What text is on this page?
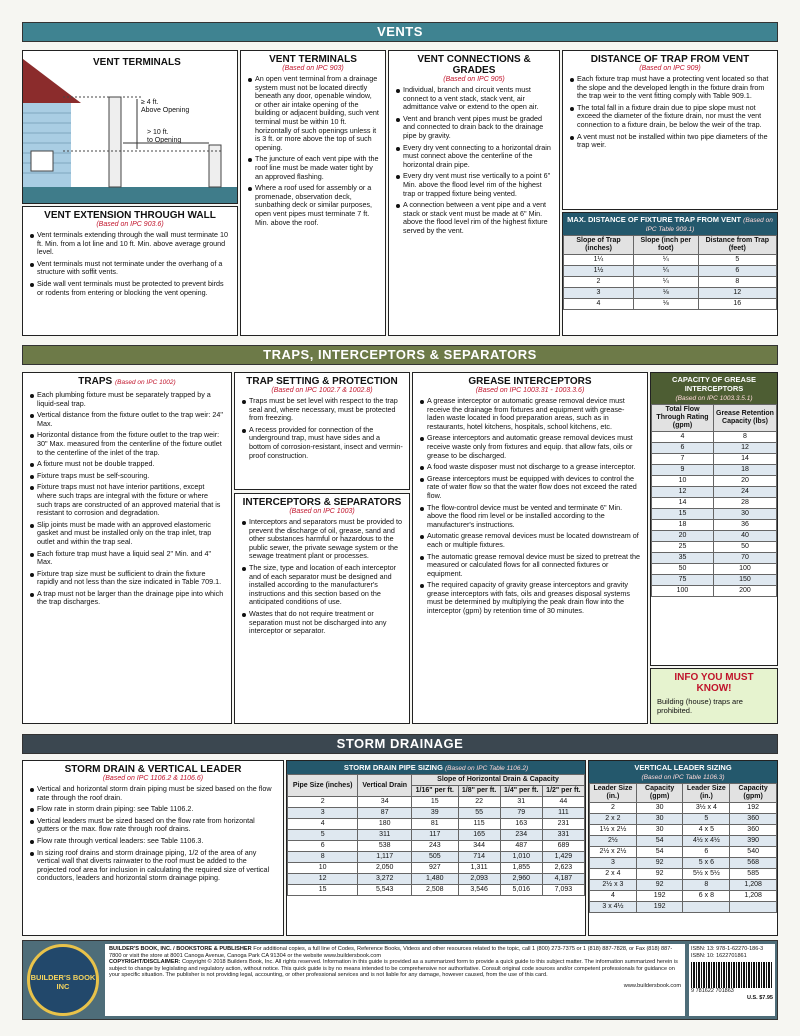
VENTS
VENT TERMINALS
≥ 4 ft.
Above Opening
> 10 ft.
to Opening
VENT EXTENSION THROUGH WALL
(Based on IPC 903.6)
Vent terminals extending through the wall must terminate 10 ft. Min. from a lot line and 10 ft. Min. above average ground level.
Vent terminals must not terminate under the overhang of a structure with soffit vents.
Side wall vent terminals must be protected to prevent birds or rodents from entering or blocking the vent opening.
VENT TERMINALS
(Based on IPC 903)
An open vent terminal from a drainage system must not be located directly beneath any door, openable window, or other air intake opening of the building or adjacent building, such vent terminal must be within 10 ft. horizontally of such openings unless it is 3 ft. or more above the top of such opening.
The juncture of each vent pipe with the roof line must be made water tight by an approved flashing.
Where a roof used for assembly or a promenade, observation deck, sunbathing deck or similar purposes, open vent pipes must terminate 7 ft. Min. above the roof.
VENT CONNECTIONS & GRADES
(Based on IPC 905)
Individual, branch and circuit vents must connect to a vent stack, stack vent, air admittance valve or extend to the open air.
Vent and branch vent pipes must be graded and connected to drain back to the drainage pipe by gravity.
Every dry vent connecting to a horizontal drain must connect above the centerline of the horizontal drain pipe.
Every dry vent must rise vertically to a point 6" Min. above the flood level rim of the highest trap or trapped fixture being vented.
A connection between a vent pipe and a vent stack or stack vent must be made at 6" Min. above the flood level rim of the highest fixture served by the vent.
DISTANCE OF TRAP FROM VENT
(Based on IPC 909)
Each fixture trap must have a protecting vent located so that the slope and the developed length in the fixture drain from the trap weir to the vent fitting comply with Table 909.1.
The total fall in a fixture drain due to pipe slope must not exceed the diameter of the fixture drain, nor must the vent connection to a fixture drain, be below the weir of the trap.
A vent must not be installed within two pipe diameters of the trap weir.
MAX. DISTANCE OF FIXTURE TRAP FROM VENT (Based on IPC Table 909.1)
Slope of Trap (inches)	Slope (inch per foot)	Distance from Trap (feet)
1¼	¼	5
1½	¼	6
2	¼	8
3	⅛	12
4	⅛	16
TRAPS, INTERCEPTORS & SEPARATORS
TRAPS (Based on IPC 1002)
Each plumbing fixture must be separately trapped by a liquid-seal trap.
Vertical distance from the fixture outlet to the trap weir: 24" Max.
Horizontal distance from the fixture outlet to the trap weir: 30" Max. measured from the centerline of the fixture outlet to the centerline of the inlet of the trap.
A fixture must not be double trapped.
Fixture traps must be self-scouring.
Fixture traps must not have interior partitions, except where such traps are integral with the fixture or where such traps are constructed of an approved material that is resistant to corrosion and degradation.
Slip joints must be made with an approved elastomeric gasket and must be installed only on the trap inlet, trap outlet and within the trap seal.
Each fixture trap must have a liquid seal 2" Min. and 4" Max.
Fixture trap size must be sufficient to drain the fixture rapidly and not less than the size indicated in Table 709.1.
A trap must not be larger than the drainage pipe into which the trap discharges.
TRAP SETTING & PROTECTION
(Based on IPC 1002.7 & 1002.8)
Traps must be set level with respect to the trap seal and, where necessary, must be protected from freezing.
A recess provided for connection of the underground trap, must have sides and a bottom of corrosion-resistant, insect and vermin-proof construction.
INTERCEPTORS & SEPARATORS
(Based on IPC 1003)
Interceptors and separators must be provided to prevent the discharge of oil, grease, sand and other substances harmful or hazardous to the public sewer, the private sewage system or the sewage treatment plant or processes.
The size, type and location of each interceptor and of each separator must be designed and installed according to the manufacturer's instructions and this section based on the anticipated conditions of use.
Wastes that do not require treatment or separation must not be discharged into any interceptor or separator.
GREASE INTERCEPTORS
(Based on IPC 1003.31 - 1003.3.6)
A grease interceptor or automatic grease removal device must receive the drainage from fixtures and equipment with grease-laden waste located in food preparation areas, such as in restaurants, hotel kitchens, hospitals, school kitchens, etc.
Grease interceptors and automatic grease removal devices must receive waste only from fixtures and equip. that allow fats, oils or grease to be discharged.
A food waste disposer must not discharge to a grease interceptor.
Grease interceptors must be equipped with devices to control the rate of water flow so that the water flow does not exceed the rated flow.
The flow-control device must be vented and terminate 6" Min. above the flood rim level or be installed according to the manufacturer's instructions.
Automatic grease removal devices must be located downstream of each or multiple fixtures.
The automatic grease removal device must be sized to pretreat the measured or calculated flows for all connected fixtures or equipment.
The required capacity of gravity grease interceptors and gravity grease interceptors with fats, oils and greases disposal systems must be determined by multiplying the peak drain flow into the interceptor (gpm) by retention time of 30 minutes.
CAPACITY OF GREASE INTERCEPTORS
(Based on IPC 1003.3.5.1)
Total Flow Through Rating (gpm)	Grease Retention Capacity (lbs)
4	8
6	12
7	14
9	18
10	20
12	24
14	28
15	30
18	36
20	40
25	50
35	70
50	100
75	150
100	200
INFO YOU MUST KNOW!
Building (house) traps are prohibited.
STORM DRAINAGE
STORM DRAIN & VERTICAL LEADER
(Based on IPC 1106.2 & 1106.6)
Vertical and horizontal storm drain piping must be sized based on the flow rate through the roof drain.
Flow rate in storm drain piping: see Table 1106.2.
Vertical leaders must be sized based on the flow rate from horizontal gutters or the max. flow rate through roof drains.
Flow rate through vertical leaders: see Table 1106.3.
In sizing roof drains and storm drainage piping, 1/2 of the area of any vertical wall that diverts rainwater to the roof must be added to the projected roof area for inclusion in calculating the required size of vertical conductors, leaders and horizontal storm drainage piping.
STORM DRAIN PIPE SIZING (Based on IPC Table 1106.2)
Pipe Size (inches)	Vertical Drain	Slope of Horizontal Drain & Capacity			
		1/16" per ft.	1/8" per ft.	1/4" per ft.	1/2" per ft.
2	34	15	22	31	44
3	87	39	55	79	111
4	180	81	115	163	231
5	311	117	165	234	331
6	538	243	344	487	689
8	1,117	505	714	1,010	1,429
10	2,050	927	1,311	1,855	2,623
12	3,272	1,480	2,093	2,960	4,187
15	5,543	2,508	3,546	5,016	7,093
VERTICAL LEADER SIZING
(Based on IPC Table 1106.3)
Leader Size (in.)	Capacity (gpm)	Leader Size (in.)	Capacity (gpm)
2	30	3½ x 4	192
2 x 2	30	5	360
1½ x 2½	30	4 x 5	360
2½	54	4½ x 4½	390
2½ x 2½	54	6	540
3	92	5 x 6	568
2 x 4	92	5½ x 5½	585
2½ x 3	92	8	1,208
4	192	6 x 8	1,208
3 x 4½	192		
BUILDER'S BOOK INC
BUILDER'S BOOK, INC. / BOOKSTORE & PUBLISHER For additional copies, a full line of Codes, Reference Books, Videos and other resources related to the topic, call 1 (800) 273-7375 or 1 (818) 887-7828, or Fax (818) 887-7800 or visit the store at 8001 Canoga Avenue, Canoga Park CA 91304 or the website www.buildersbook.com
COPYRIGHT/DISCLAIMER: Copyright © 2018 Builders Book, Inc. All rights reserved. Information in this guide is provided as a summarized form to provide a quick guide to this subject matter. The information summarized herein is subject to change by legislating and regulatory action, without notice. This quick guide is by no means intended to be comprehensive nor authoritative. Consult original code sources and/or competent professionals for guidance on your specific situation. The publisher is not providing legal, accounting, or other professional services and is not liable for any damage, however caused, from the use of this card.

www.buildersbook.com
ISBN: 13: 978-1-62270-186-3
ISBN: 10: 1622701861
9 781622 701863
U.S. $7.95
